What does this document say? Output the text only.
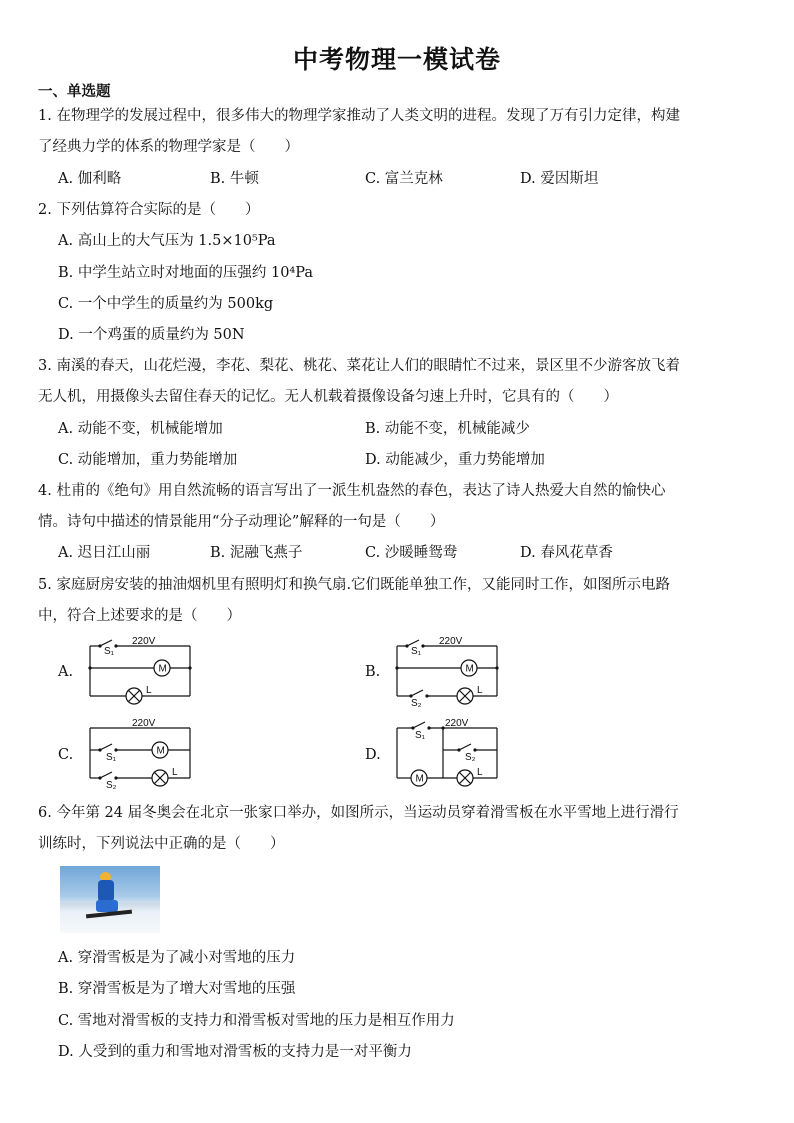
中考物理一模试卷
一、单选题
1. 在物理学的发展过程中，很多伟大的物理学家推动了人类文明的进程。发现了万有引力定律，构建
了经典力学的体系的物理学家是（　　）
A. 伽利略	B. 牛顿	C. 富兰克林	D. 爱因斯坦
2. 下列估算符合实际的是（　　）
A. 高山上的大气压为 1.5×10⁵Pa
B. 中学生站立时对地面的压强约 10⁴Pa
C. 一个中学生的质量约为 500kg
D. 一个鸡蛋的质量约为 50N
3. 南溪的春天，山花烂漫，李花、梨花、桃花、菜花让人们的眼睛忙不过来，景区里不少游客放飞着
无人机，用摄像头去留住春天的记忆。无人机载着摄像设备匀速上升时，它具有的（　　）
A. 动能不变，机械能增加	B. 动能不变，机械能减少
C. 动能增加，重力势能增加	D. 动能减少，重力势能增加
4. 杜甫的《绝句》用自然流畅的语言写出了一派生机盎然的春色，表达了诗人热爱大自然的愉快心
情。诗句中描述的情景能用“分子动理论”解释的一句是（　　）
A. 迟日江山丽	B. 泥融飞燕子	C. 沙暖睡鸳鸯	D. 春风花草香
5. 家庭厨房安装的抽油烟机里有照明灯和换气扇.它们既能单独工作，又能同时工作，如图所示电路
中，符合上述要求的是（　　）
A.	B.
C.	D.
S₁
220V
M
L
S₁
220V
M
S₂
L
220V
S₁
M
S₂
L
S₁
220V
S₂
M
L
6. 今年第 24 届冬奥会在北京一张家口举办，如图所示，当运动员穿着滑雪板在水平雪地上进行滑行
训练时，下列说法中正确的是（　　）
A. 穿滑雪板是为了减小对雪地的压力
B. 穿滑雪板是为了增大对雪地的压强
C. 雪地对滑雪板的支持力和滑雪板对雪地的压力是相互作用力
D. 人受到的重力和雪地对滑雪板的支持力是一对平衡力
